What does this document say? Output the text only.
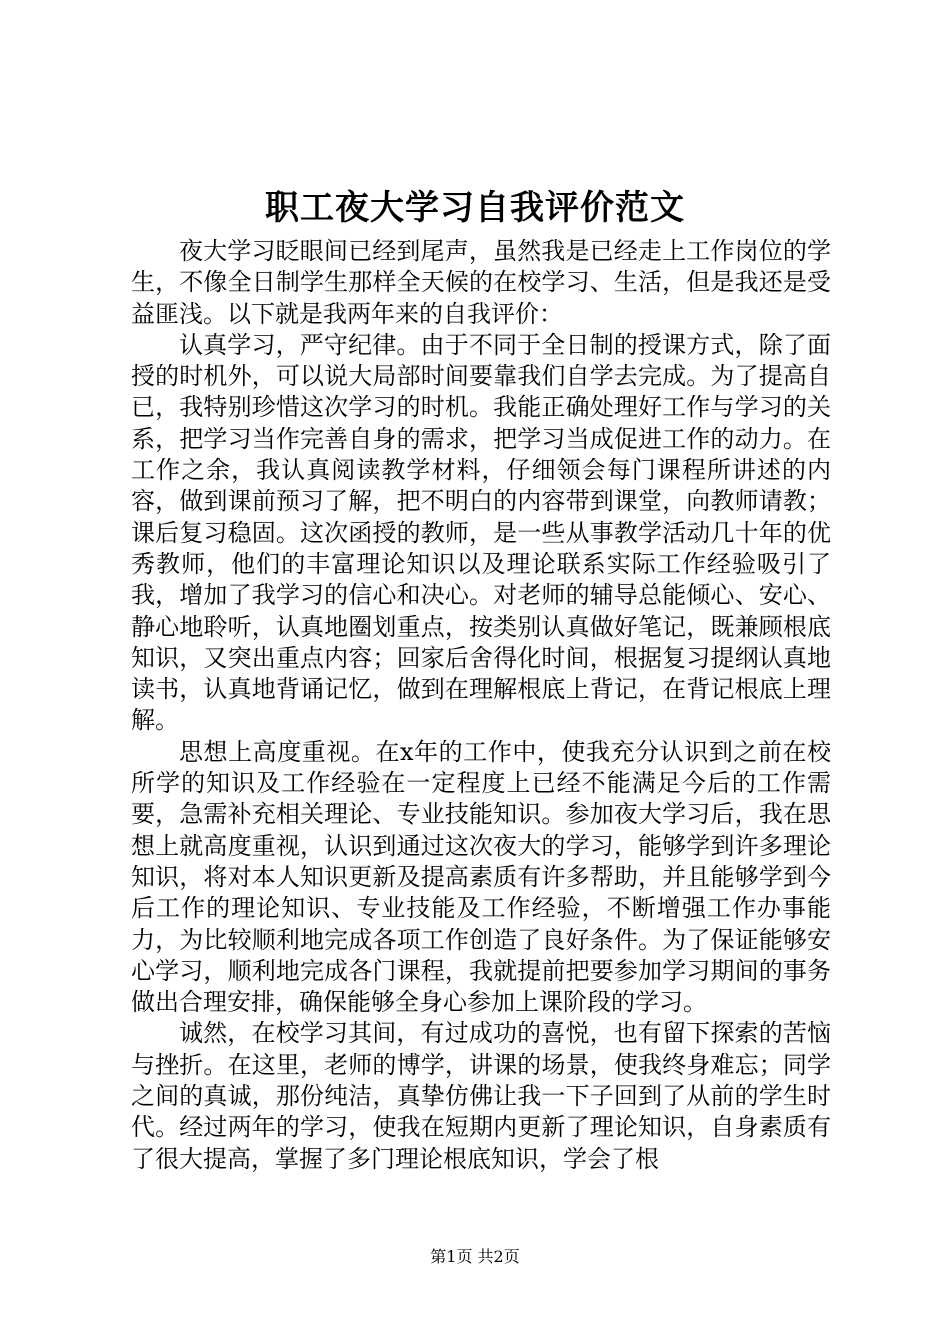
职工夜大学习自我评价范文

夜大学习眨眼间已经到尾声，虽然我是已经走上工作岗位的学生，不像全日制学生那样全天候的在校学习、生活，但是我还是受益匪浅。以下就是我两年来的自我评价：

认真学习，严守纪律。由于不同于全日制的授课方式，除了面授的时机外，可以说大局部时间要靠我们自学去完成。为了提高自已，我特别珍惜这次学习的时机。我能正确处理好工作与学习的关系，把学习当作完善自身的需求，把学习当成促进工作的动力。在工作之余，我认真阅读教学材料，仔细领会每门课程所讲述的内容，做到课前预习了解，把不明白的内容带到课堂，向教师请教；课后复习稳固。这次函授的教师，是一些从事教学活动几十年的优秀教师，他们的丰富理论知识以及理论联系实际工作经验吸引了我，增加了我学习的信心和决心。对老师的辅导总能倾心、安心、静心地聆听，认真地圈划重点，按类别认真做好笔记，既兼顾根底知识，又突出重点内容；回家后舍得化时间，根据复习提纲认真地读书，认真地背诵记忆，做到在理解根底上背记，在背记根底上理解。

思想上高度重视。在x年的工作中，使我充分认识到之前在校所学的知识及工作经验在一定程度上已经不能满足今后的工作需要，急需补充相关理论、专业技能知识。参加夜大学习后，我在思想上就高度重视，认识到通过这次夜大的学习，能够学到许多理论知识，将对本人知识更新及提高素质有许多帮助，并且能够学到今后工作的理论知识、专业技能及工作经验，不断增强工作办事能力，为比较顺利地完成各项工作创造了良好条件。为了保证能够安心学习，顺利地完成各门课程，我就提前把要参加学习期间的事务做出合理安排，确保能够全身心参加上课阶段的学习。

诚然，在校学习其间，有过成功的喜悦，也有留下探索的苦恼与挫折。在这里，老师的博学，讲课的场景，使我终身难忘；同学之间的真诚，那份纯洁，真挚仿佛让我一下子回到了从前的学生时代。经过两年的学习，使我在短期内更新了理论知识，自身素质有了很大提高，掌握了多门理论根底知识，学会了根

第1页 共2页
